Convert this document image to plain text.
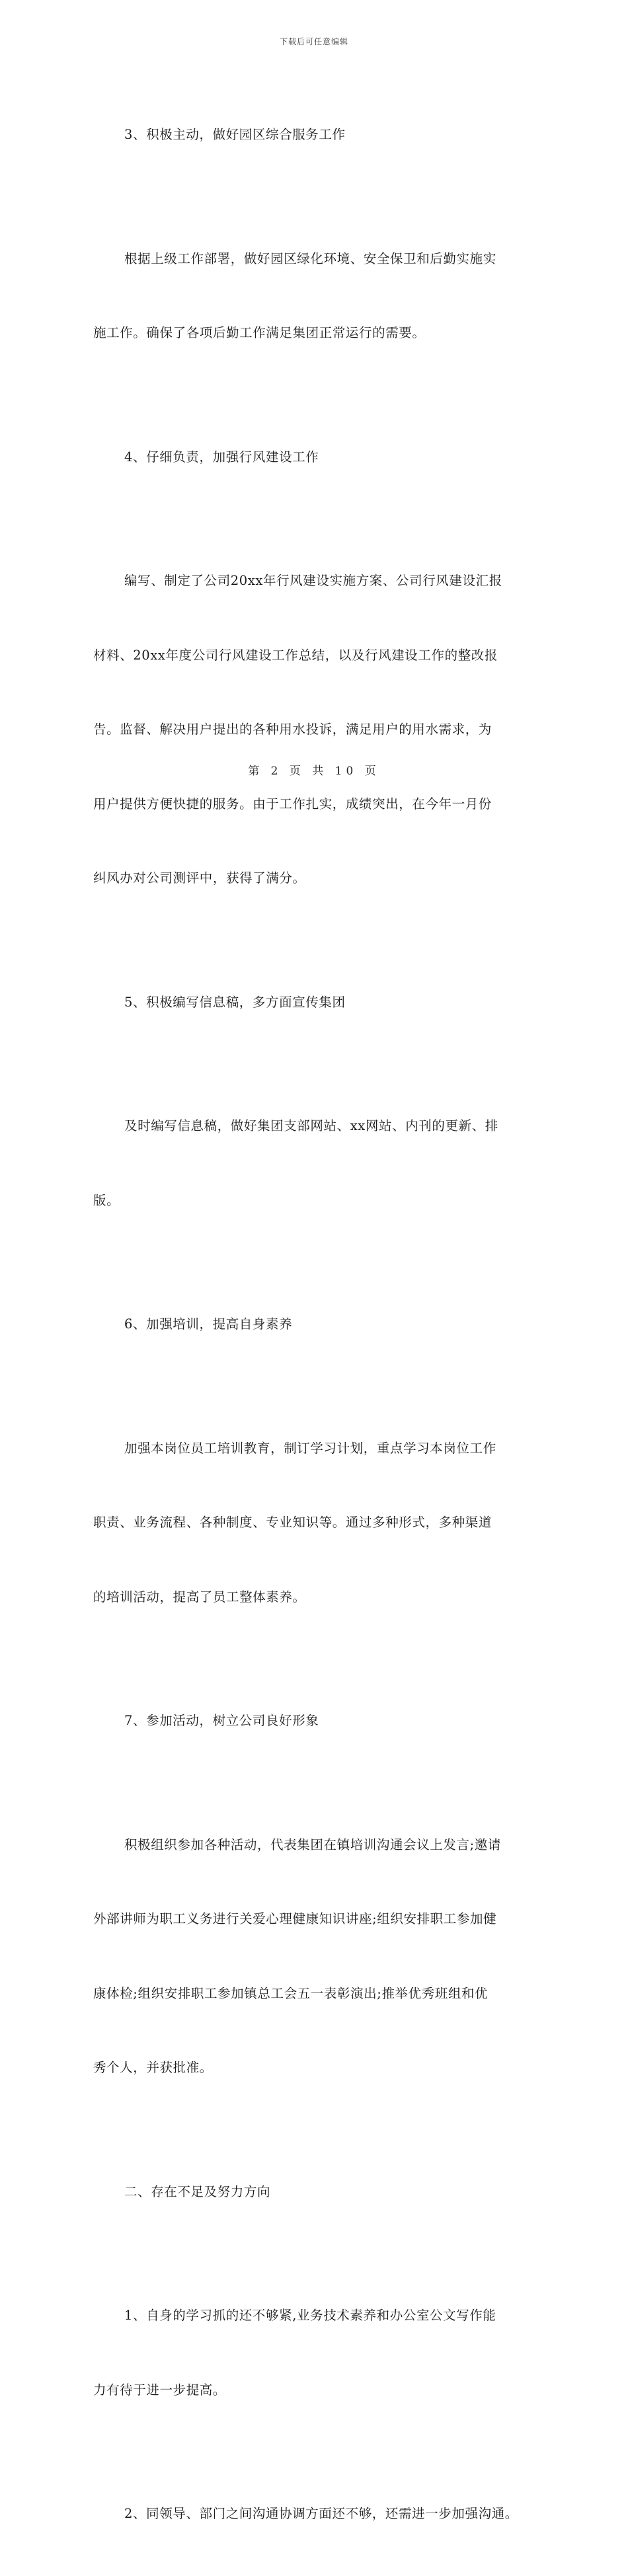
下载后可任意编辑

3、积极主动，做好园区综合服务工作

根据上级工作部署，做好园区绿化环境、安全保卫和后勤实施实

施工作。确保了各项后勤工作满足集团正常运行的需要。

4、仔细负责，加强行风建设工作

编写、制定了公司20xx年行风建设实施方案、公司行风建设汇报

材料、20xx年度公司行风建设工作总结，以及行风建设工作的整改报

告。监督、解决用户提出的各种用水投诉，满足用户的用水需求，为

用户提供方便快捷的服务。由于工作扎实，成绩突出，在今年一月份

纠风办对公司测评中，获得了满分。

5、积极编写信息稿，多方面宣传集团

及时编写信息稿，做好集团支部网站、xx网站、内刊的更新、排

版。

6、加强培训，提高自身素养

加强本岗位员工培训教育，制订学习计划，重点学习本岗位工作

职责、业务流程、各种制度、专业知识等。通过多种形式，多种渠道

的培训活动，提高了员工整体素养。

7、参加活动，树立公司良好形象

积极组织参加各种活动，代表集团在镇培训沟通会议上发言;邀请

外部讲师为职工义务进行关爱心理健康知识讲座;组织安排职工参加健

康体检;组织安排职工参加镇总工会五一表彰演出;推举优秀班组和优

秀个人，并获批准。

二、存在不足及努力方向

1、自身的学习抓的还不够紧,业务技术素养和办公室公文写作能

力有待于进一步提高。

2、同领导、部门之间沟通协调方面还不够，还需进一步加强沟通。

第 2 页 共 10 页
